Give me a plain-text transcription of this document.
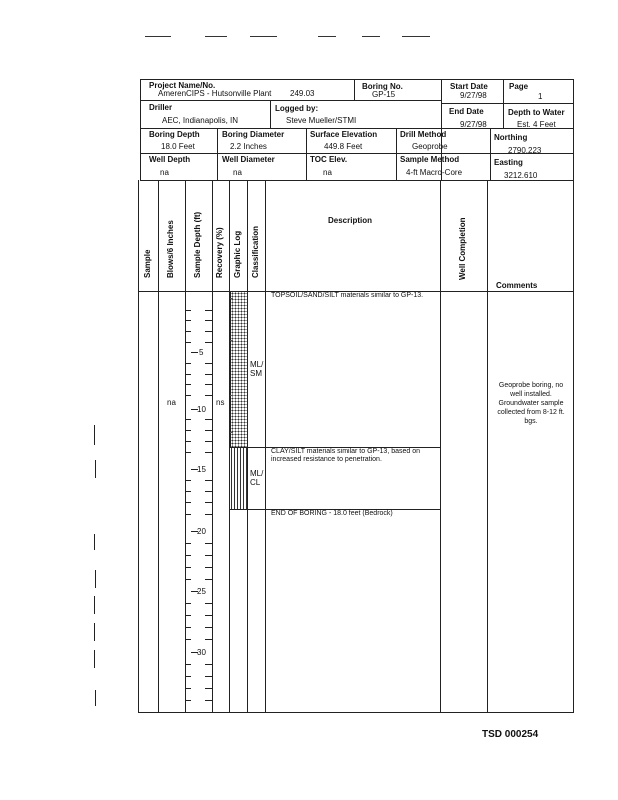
Project Name/No.
AmerenCIPS - Hutsonville Plant 249.03
Boring No.
GP-15
Start Date
9/27/98
Page
1
Driller
AEC, Indianapolis, IN
Logged by:
Steve Mueller/STMI
End Date
9/27/98
Depth to Water
Est. 4 Feet
Boring Depth
18.0 Feet
Boring Diameter
2.2 Inches
Surface Elevation
449.8 Feet
Drill Method
Geoprobe
Northing
2790.223
Well Depth
na
Well Diameter
na
TOC Elev.
na
Sample Method
4-ft Macro-Core
Easting
3212.610
Sample Blows/6 Inches Sample Depth (ft) Recovery (%) Graphic Log Classification
Description	Well Completion
Comments
5
10
15
20
25
30
na	ns
ML/
SM
ML/
CL
TOPSOIL/SAND/SILT materials similar to GP-13.
CLAY/SILT materials similar to GP-13, based on increased resistance to penetration.
END OF BORING - 18.0 feet (Bedrock)
Geoprobe boring, no well installed. Groundwater sample collected from 8-12 ft. bgs.
TSD 000254
